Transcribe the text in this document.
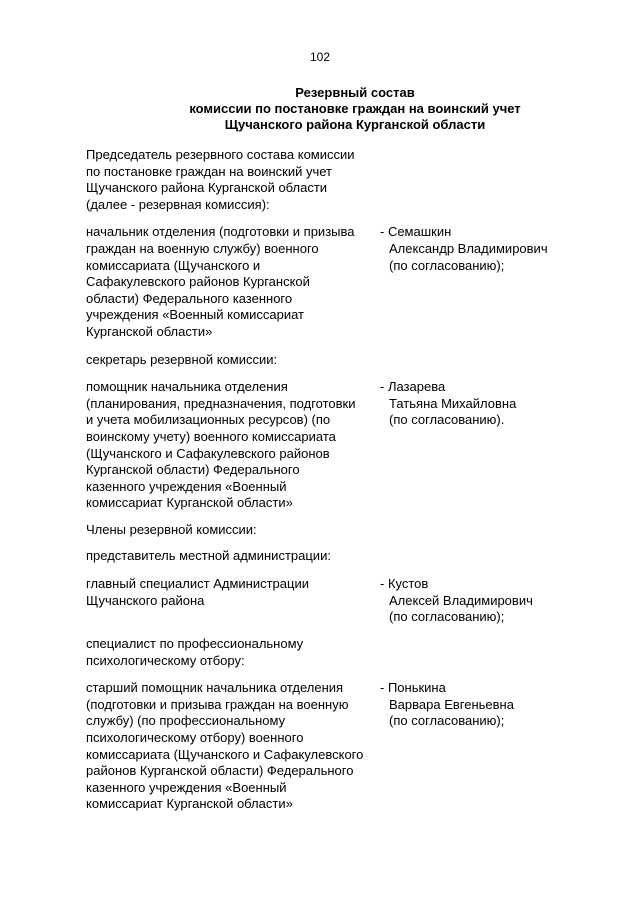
102
Резервный состав
комиссии по постановке граждан на воинский учет
Щучанского района Курганской области
Председатель резервного состава комиссии
по постановке граждан на воинский учет
Щучанского района Курганской области
(далее - резервная комиссия):
начальник отделения (подготовки и призыва
граждан на военную службу) военного
комиссариата (Щучанского и
Сафакулевского районов Курганской
области) Федерального казенного
учреждения «Военный комиссариат
Курганской области»
- Семашкин
Александр Владимирович
(по согласованию);
секретарь резервной комиссии:
помощник начальника отделения
(планирования, предназначения, подготовки
и учета мобилизационных ресурсов) (по
воинскому учету) военного комиссариата
(Щучанского и Сафакулевского районов
Курганской области) Федерального
казенного учреждения «Военный
комиссариат Курганской области»
- Лазарева
Татьяна Михайловна
(по согласованию).
Члены резервной комиссии:
представитель местной администрации:
главный специалист Администрации
Щучанского района
- Кустов
Алексей Владимирович
(по согласованию);
специалист по профессиональному
психологическому отбору:
старший помощник начальника отделения
(подготовки и призыва граждан на военную
службу) (по профессиональному
психологическому отбору) военного
комиссариата (Щучанского и Сафакулевского
районов Курганской области) Федерального
казенного учреждения «Военный
комиссариат Курганской области»
- Понькина
Варвара Евгеньевна
(по согласованию);
